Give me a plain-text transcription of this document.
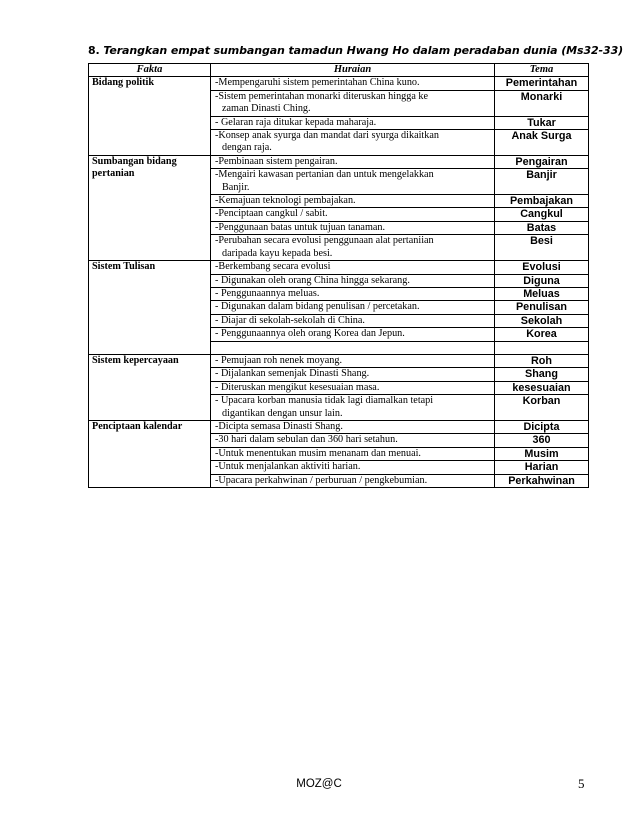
8. Terangkan empat sumbangan tamadun Hwang Ho dalam peradaban dunia (Ms32-33)
Fakta	Huraian	Tema
Bidang politik	-Mempengaruhi sistem pemerintahan China kuno.	Pemerintahan

	-Sistem pemerintahan monarki diteruskan hingga ke
zaman Dinasti Ching.	Monarki

	- Gelaran raja ditukar kepada maharaja.	Tukar

	-Konsep anak syurga dan mandat dari syurga dikaitkan
dengan raja.	Anak Surga
Sumbangan bidang pertanian	-Pembinaan sistem pengairan.	Pengairan

	-Mengairi kawasan pertanian dan untuk mengelakkan
Banjir.	Banjir

	-Kemajuan teknologi pembajakan.	Pembajakan

	-Penciptaan cangkul / sabit.	Cangkul

	-Penggunaan batas untuk tujuan tanaman.	Batas

	-Perubahan secara evolusi penggunaan alat pertaniian
daripada kayu kepada besi.	Besi
Sistem Tulisan	-Berkembang secara evolusi	Evolusi

	- Digunakan oleh orang China hingga sekarang.	Diguna

	- Penggunaannya meluas.	Meluas

	- Digunakan dalam bidang penulisan / percetakan.	Penulisan

	- Diajar di sekolah-sekolah di China.	Sekolah

	- Penggunaannya oleh orang Korea dan Jepun.	Korea

Sistem kepercayaan	- Pemujaan roh nenek moyang.	Roh

	- Dijalankan semenjak Dinasti Shang.	Shang

	- Diteruskan mengikut kesesuaian masa.	kesesuaian

	- Upacara korban manusia tidak lagi diamalkan tetapi
digantikan dengan unsur lain.	Korban
Penciptaan kalendar	-Dicipta semasa Dinasti Shang.	Dicipta

	-30 hari dalam sebulan dan 360 hari setahun.	360

	-Untuk menentukan musim menanam dan menuai.	Musim

	-Untuk menjalankan aktiviti harian.	Harian

	-Upacara perkahwinan / perburuan / pengkebumian.	Perkahwinan
MOZ@C	5
